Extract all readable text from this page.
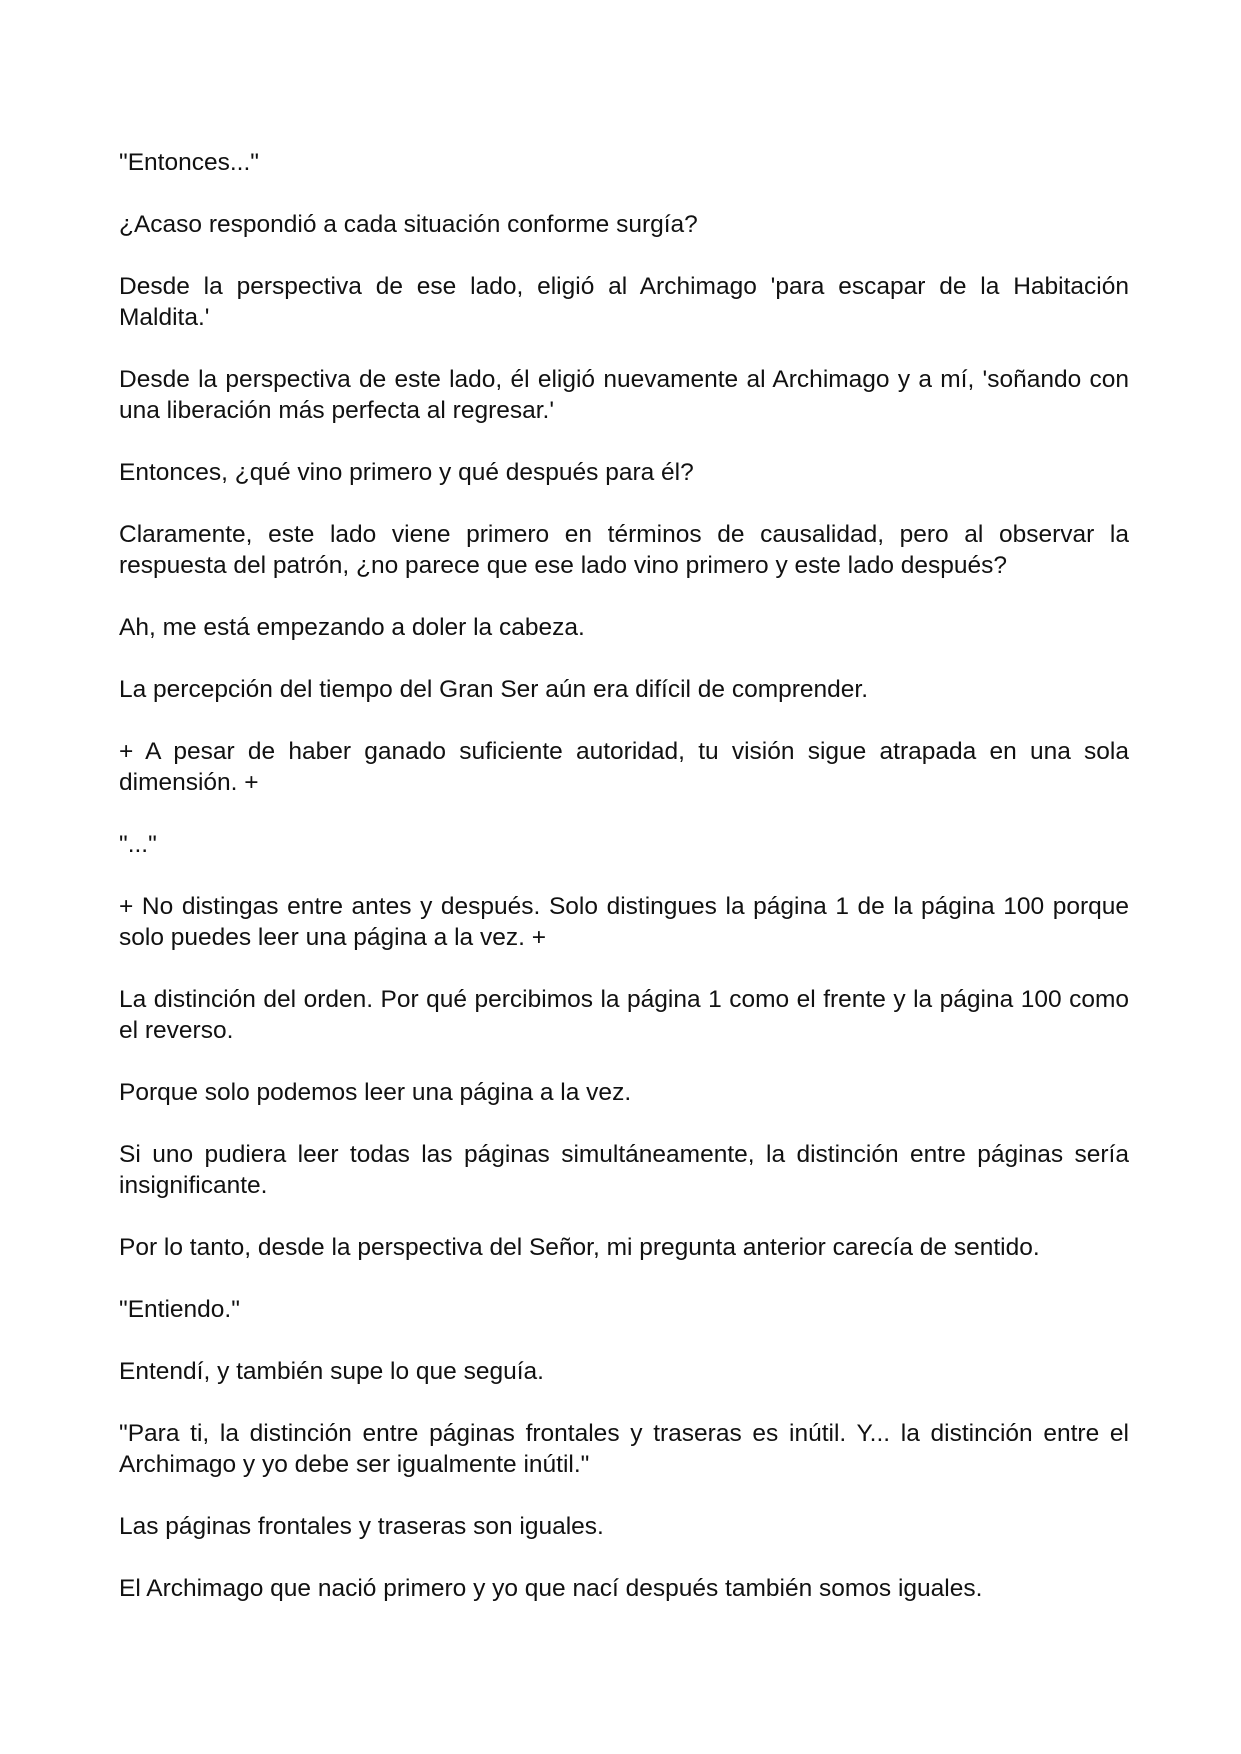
"Entonces..."

¿Acaso respondió a cada situación conforme surgía?

Desde la perspectiva de ese lado, eligió al Archimago 'para escapar de la Habitación Maldita.'

Desde la perspectiva de este lado, él eligió nuevamente al Archimago y a mí, 'soñando con una liberación más perfecta al regresar.'

Entonces, ¿qué vino primero y qué después para él?

Claramente, este lado viene primero en términos de causalidad, pero al observar la respuesta del patrón, ¿no parece que ese lado vino primero y este lado después?

Ah, me está empezando a doler la cabeza.

La percepción del tiempo del Gran Ser aún era difícil de comprender.

+ A pesar de haber ganado suficiente autoridad, tu visión sigue atrapada en una sola dimensión. +

"..."

+ No distingas entre antes y después. Solo distingues la página 1 de la página 100 porque solo puedes leer una página a la vez. +

La distinción del orden. Por qué percibimos la página 1 como el frente y la página 100 como el reverso.

Porque solo podemos leer una página a la vez.

Si uno pudiera leer todas las páginas simultáneamente, la distinción entre páginas sería insignificante.

Por lo tanto, desde la perspectiva del Señor, mi pregunta anterior carecía de sentido.

"Entiendo."

Entendí, y también supe lo que seguía.

"Para ti, la distinción entre páginas frontales y traseras es inútil. Y... la distinción entre el Archimago y yo debe ser igualmente inútil."

Las páginas frontales y traseras son iguales.

El Archimago que nació primero y yo que nací después también somos iguales.
